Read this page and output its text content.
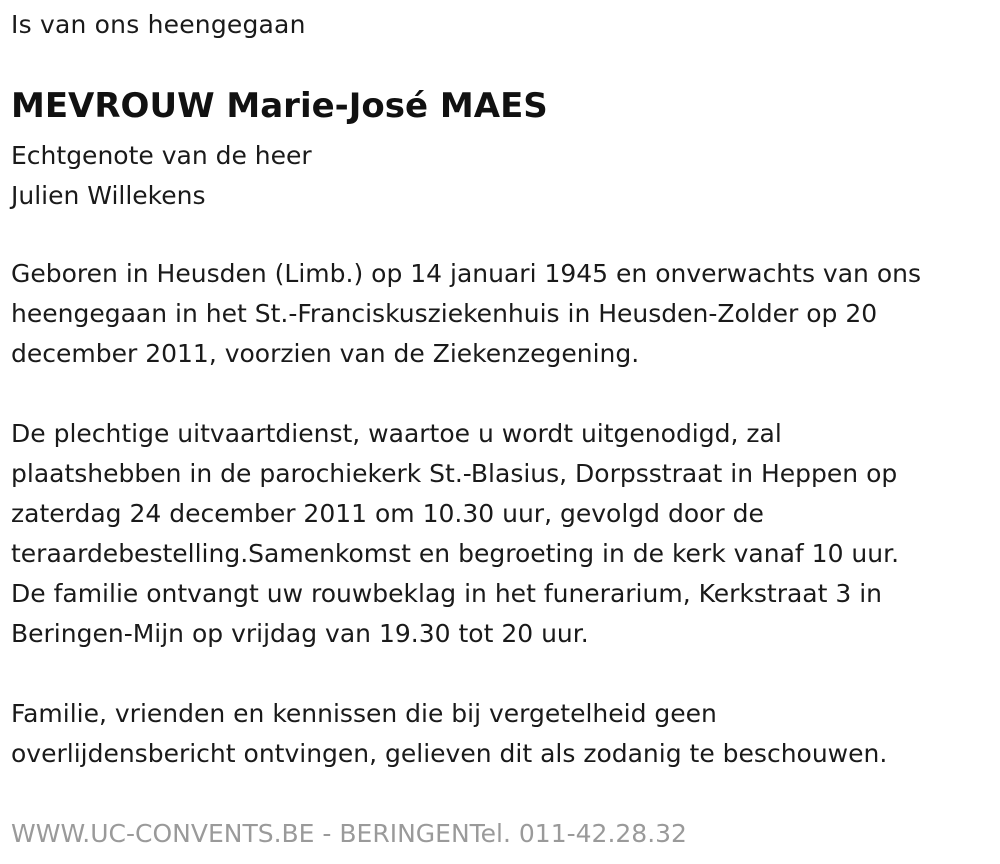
Is van ons heengegaan
MEVROUW Marie-José MAES
Echtgenote van de heer
Julien Willekens
Geboren in Heusden (Limb.) op 14 januari 1945 en onverwachts van ons
heengegaan in het St.-Franciskusziekenhuis in Heusden-Zolder op 20
december 2011, voorzien van de Ziekenzegening.
De plechtige uitvaartdienst, waartoe u wordt uitgenodigd, zal
plaatshebben in de parochiekerk St.-Blasius, Dorpsstraat in Heppen op
zaterdag 24 december 2011 om 10.30 uur, gevolgd door de
teraardebestelling.Samenkomst en begroeting in de kerk vanaf 10 uur.
De familie ontvangt uw rouwbeklag in het funerarium, Kerkstraat 3 in
Beringen-Mijn op vrijdag van 19.30 tot 20 uur.
Familie, vrienden en kennissen die bij vergetelheid geen
overlijdensbericht ontvingen, gelieven dit als zodanig te beschouwen.
WWW.UC-CONVENTS.BE - BERINGENTel. 011-42.28.32
